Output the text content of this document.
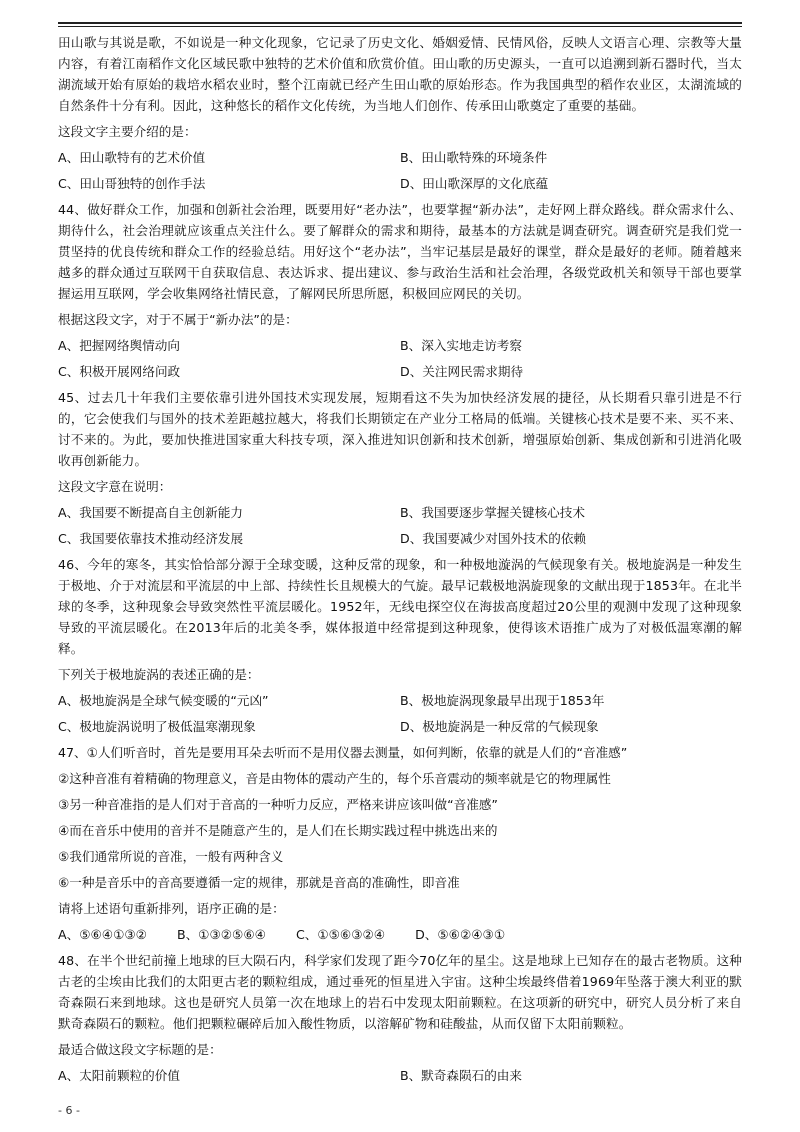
田山歌与其说是歌，不如说是一种文化现象，它记录了历史文化、婚姻爱情、民情风俗，反映人文语言心理、宗教等大量内容，有着江南稻作文化区域民歌中独特的艺术价值和欣赏价值。田山歌的历史源头，一直可以追溯到新石器时代，当太湖流域开始有原始的栽培水稻农业时，整个江南就已经产生田山歌的原始形态。作为我国典型的稻作农业区，太湖流域的自然条件十分有利。因此，这种悠长的稻作文化传统，为当地人们创作、传承田山歌奠定了重要的基础。

这段文字主要介绍的是：

A、田山歌特有的艺术价值	B、田山歌特殊的环境条件
C、田山哥独特的创作手法	D、田山歌深厚的文化底蕴

44、做好群众工作，加强和创新社会治理，既要用好“老办法”，也要掌握“新办法”，走好网上群众路线。群众需求什么、期待什么，社会治理就应该重点关注什么。要了解群众的需求和期待，最基本的方法就是调查研究。调查研究是我们党一贯坚持的优良传统和群众工作的经验总结。用好这个“老办法”，当牢记基层是最好的课堂，群众是最好的老师。随着越来越多的群众通过互联网干自获取信息、表达诉求、提出建议、参与政治生活和社会治理，各级党政机关和领导干部也要掌握运用互联网，学会收集网络社情民意，了解网民所思所愿，积极回应网民的关切。

根据这段文字，对于不属于“新办法”的是：

A、把握网络舆情动向	B、深入实地走访考察
C、积极开展网络问政	D、关注网民需求期待

45、过去几十年我们主要依靠引进外国技术实现发展，短期看这不失为加快经济发展的捷径，从长期看只靠引进是不行的，它会使我们与国外的技术差距越拉越大，将我们长期锁定在产业分工格局的低端。关键核心技术是要不来、买不来、讨不来的。为此，要加快推进国家重大科技专项，深入推进知识创新和技术创新，增强原始创新、集成创新和引进消化吸收再创新能力。

这段文字意在说明：

A、我国要不断提高自主创新能力	B、我国要逐步掌握关键核心技术
C、我国要依靠技术推动经济发展	D、我国要减少对国外技术的依赖

46、今年的寒冬，其实恰恰部分源于全球变暖，这种反常的现象，和一种极地漩涡的气候现象有关。极地旋涡是一种发生于极地、介于对流层和平流层的中上部、持续性长且规模大的气旋。最早记载极地涡旋现象的文献出现于1853年。在北半球的冬季，这种现象会导致突然性平流层暖化。1952年，无线电探空仪在海拔高度超过20公里的观测中发现了这种现象导致的平流层暖化。在2013年后的北美冬季，媒体报道中经常提到这种现象，使得该术语推广成为了对极低温寒潮的解释。

下列关于极地旋涡的表述正确的是：

A、极地旋涡是全球气候变暖的“元凶”	B、极地旋涡现象最早出现于1853年
C、极地旋涡说明了极低温寒潮现象	D、极地旋涡是一种反常的气候现象

47、①人们听音时，首先是要用耳朵去听而不是用仪器去测量，如何判断，依靠的就是人们的“音准感”

②这种音准有着精确的物理意义，音是由物体的震动产生的，每个乐音震动的频率就是它的物理属性

③另一种音准指的是人们对于音高的一种听力反应，严格来讲应该叫做“音准感”

④而在音乐中使用的音并不是随意产生的，是人们在长期实践过程中挑选出来的

⑤我们通常所说的音准，一般有两种含义

⑥一种是音乐中的音高要遵循一定的规律，那就是音高的准确性，即音准

请将上述语句重新排列，语序正确的是：

A、⑤⑥④①③② B、①③②⑤⑥④ C、①⑤⑥③②④ D、⑤⑥②④③①

48、在半个世纪前撞上地球的巨大陨石内，科学家们发现了距今70亿年的星尘。这是地球上已知存在的最古老物质。这种古老的尘埃由比我们的太阳更古老的颗粒组成，通过垂死的恒星进入宇宙。这种尘埃最终借着1969年坠落于澳大利亚的默奇森陨石来到地球。这也是研究人员第一次在地球上的岩石中发现太阳前颗粒。在这项新的研究中，研究人员分析了来自默奇森陨石的颗粒。他们把颗粒碾碎后加入酸性物质，以溶解矿物和硅酸盐，从而仅留下太阳前颗粒。

最适合做这段文字标题的是：

A、太阳前颗粒的价值	B、默奇森陨石的由来
- 6 -
